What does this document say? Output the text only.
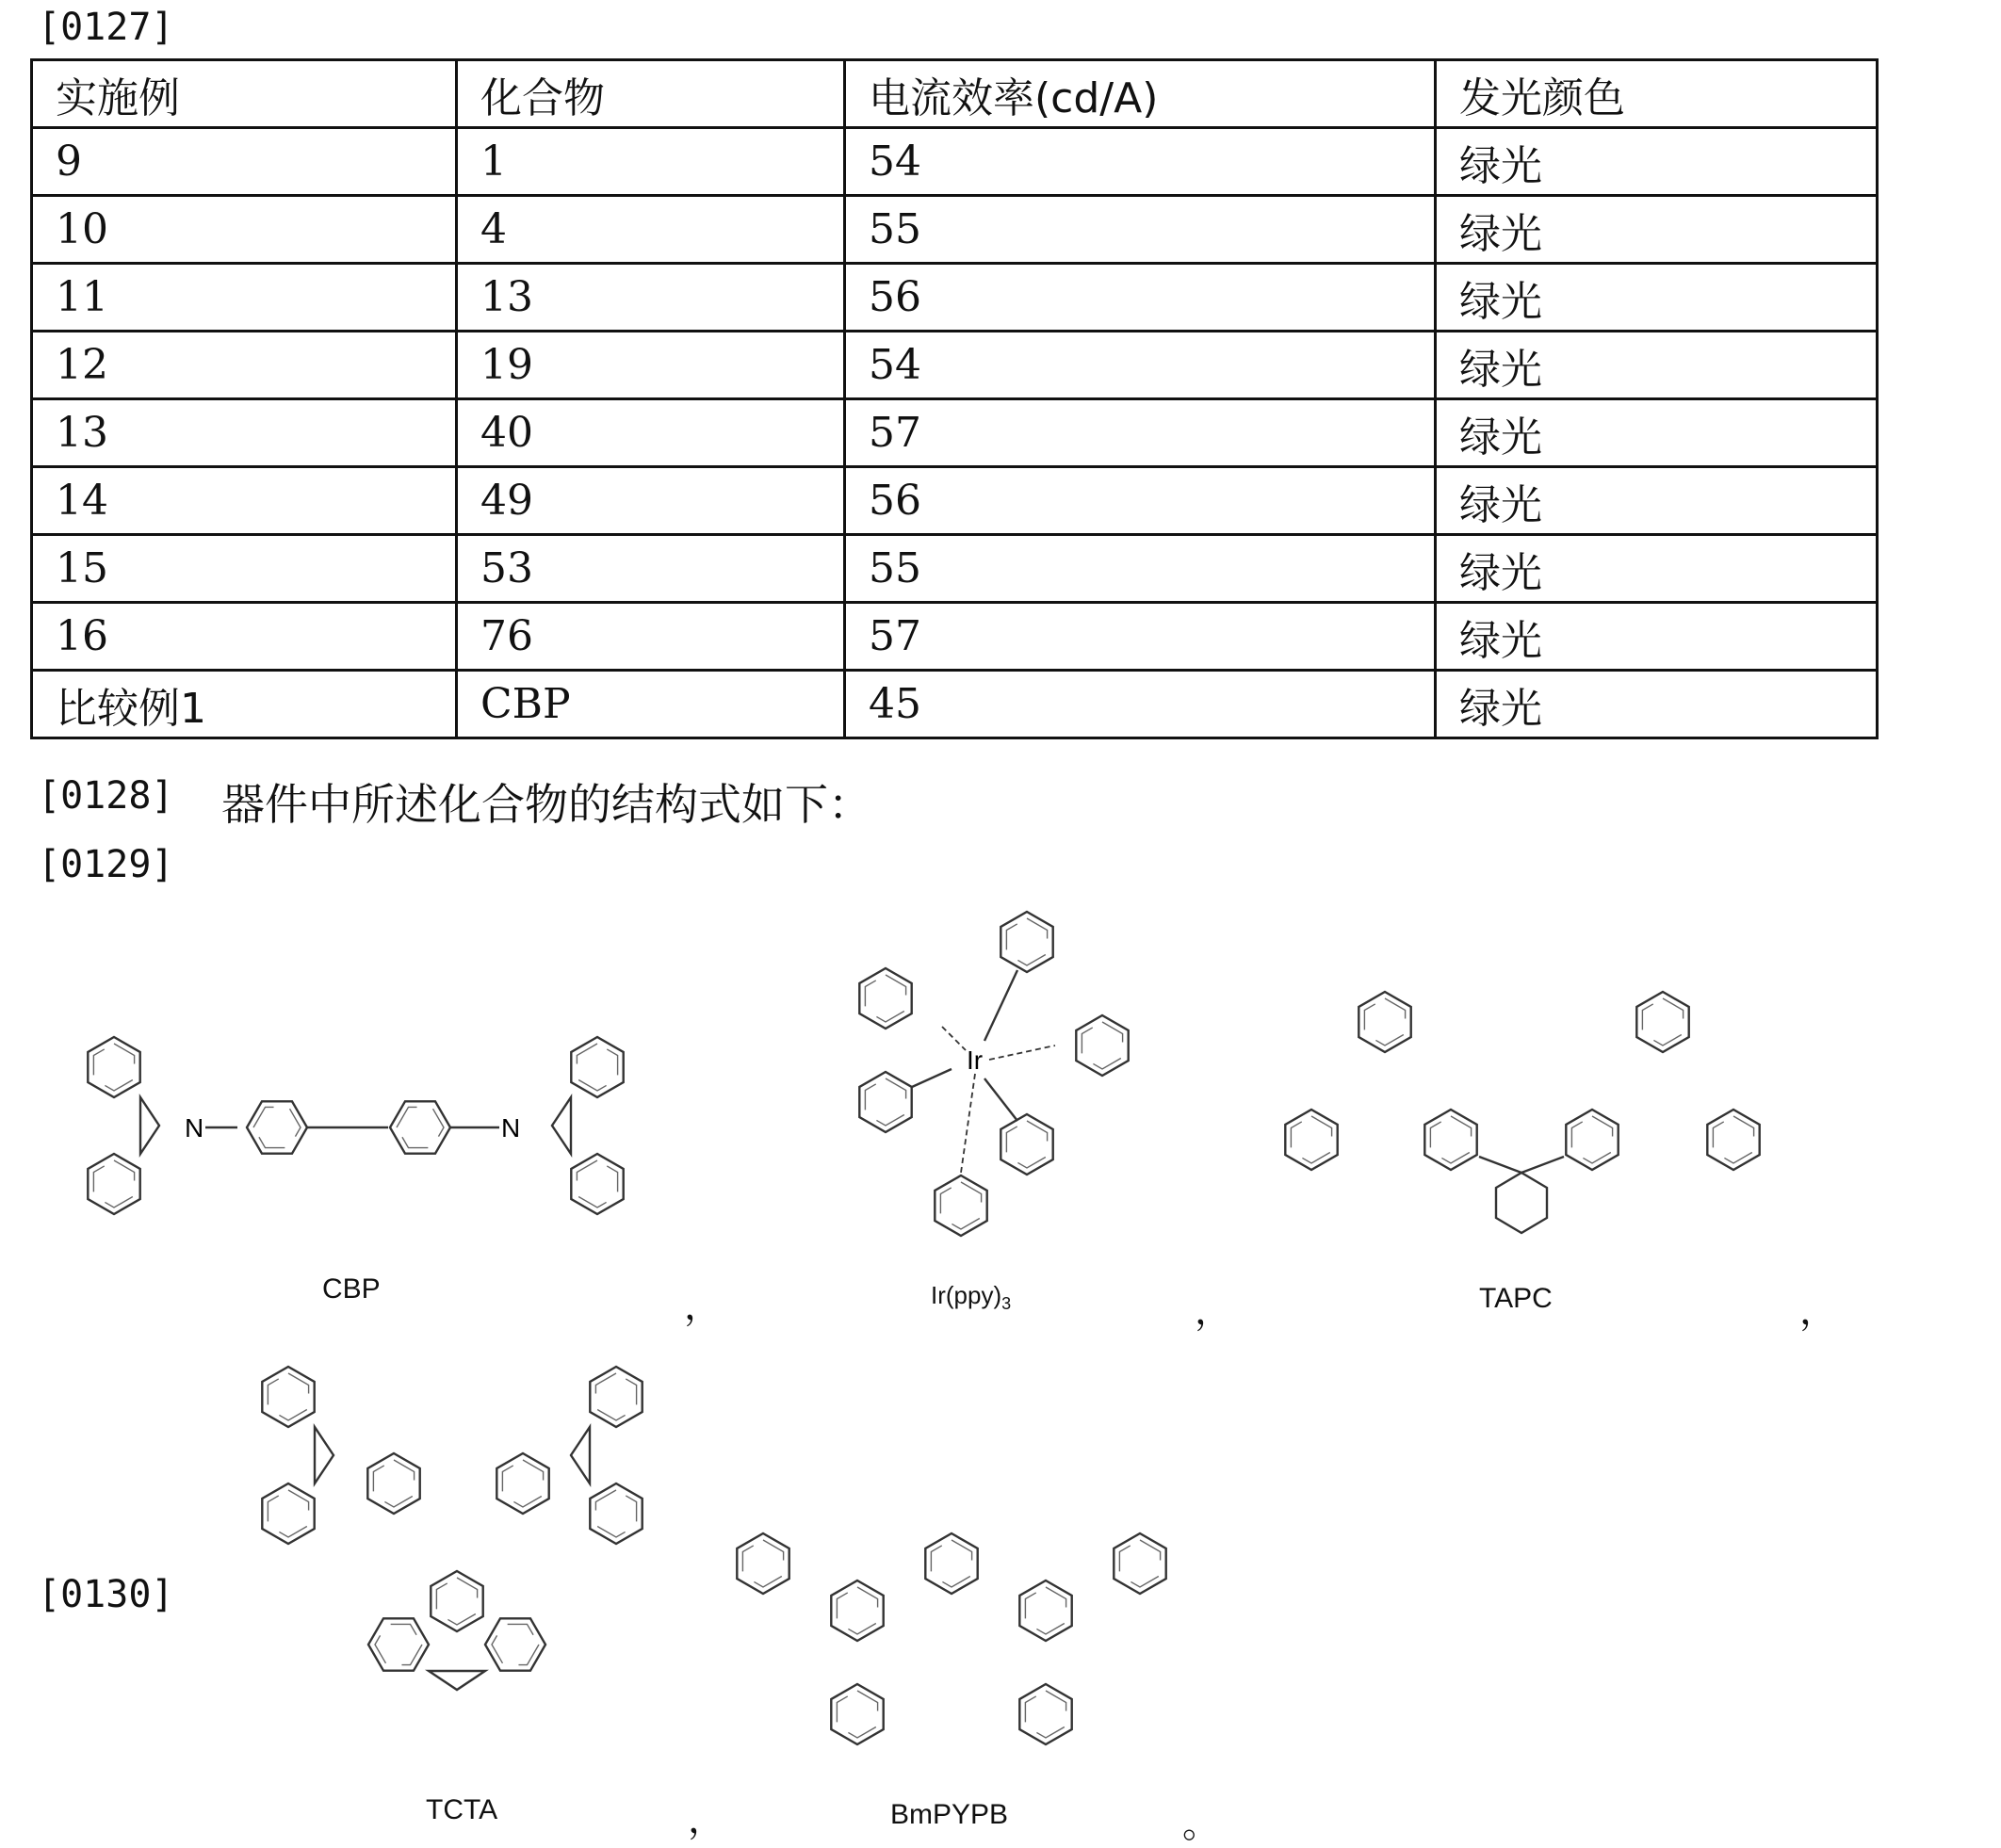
[0127]
实施例	化合物	电流效率(cd/A)	发光颜色
9	1	54	绿光
10	4	55	绿光
11	13	56	绿光
12	19	54	绿光
13	40	57	绿光
14	49	56	绿光
15	53	55	绿光
16	76	57	绿光
比较例1	CBP	45	绿光
[0128] 器件中所述化合物的结构式如下：
[0129]
[0130]
N	N
Ir
CBP	，	$Ir(ppy)_3$	，	TAPC	，
TCTA	，	BmPYPB	。
